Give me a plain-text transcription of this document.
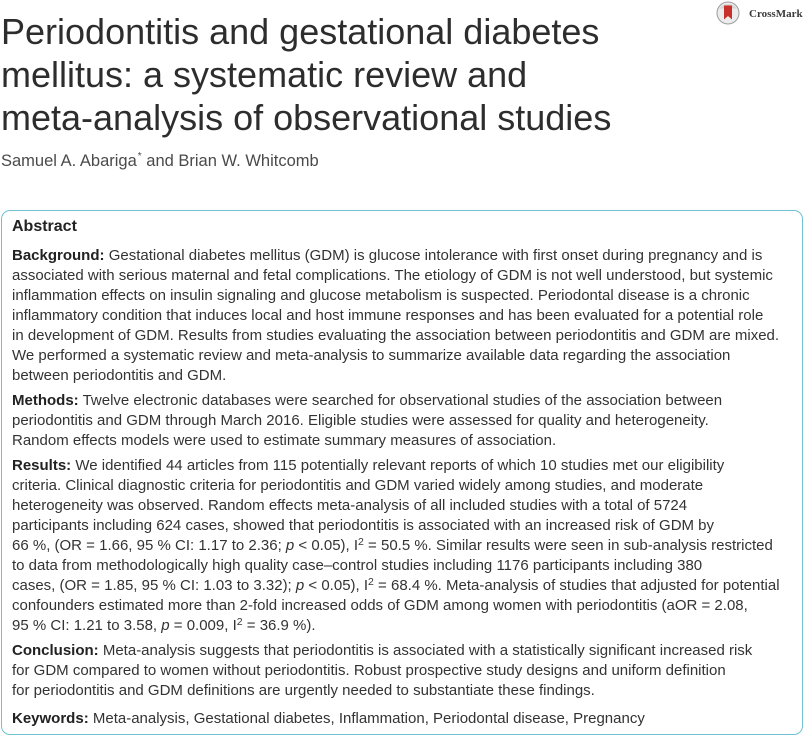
CrossMark
Periodontitis and gestational diabetes
mellitus: a systematic review and
meta-analysis of observational studies
Samuel A. Abariga* and Brian W. Whitcomb
Abstract
Background: Gestational diabetes mellitus (GDM) is glucose intolerance with first onset during pregnancy and is
associated with serious maternal and fetal complications. The etiology of GDM is not well understood, but systemic
inflammation effects on insulin signaling and glucose metabolism is suspected. Periodontal disease is a chronic
inflammatory condition that induces local and host immune responses and has been evaluated for a potential role
in development of GDM. Results from studies evaluating the association between periodontitis and GDM are mixed.
We performed a systematic review and meta-analysis to summarize available data regarding the association
between periodontitis and GDM.
Methods: Twelve electronic databases were searched for observational studies of the association between
periodontitis and GDM through March 2016. Eligible studies were assessed for quality and heterogeneity.
Random effects models were used to estimate summary measures of association.
Results: We identified 44 articles from 115 potentially relevant reports of which 10 studies met our eligibility
criteria. Clinical diagnostic criteria for periodontitis and GDM varied widely among studies, and moderate
heterogeneity was observed. Random effects meta-analysis of all included studies with a total of 5724
participants including 624 cases, showed that periodontitis is associated with an increased risk of GDM by
66 %, (OR = 1.66, 95 % CI: 1.17 to 2.36; p < 0.05), $I^2 = 50.5$ %. Similar results were seen in sub-analysis restricted
to data from methodologically high quality case–control studies including 1176 participants including 380
cases, (OR = 1.85, 95 % CI: 1.03 to 3.32); p < 0.05), $I^2 = 68.4$ %. Meta-analysis of studies that adjusted for potential
confounders estimated more than 2-fold increased odds of GDM among women with periodontitis (aOR = 2.08,
95 % CI: 1.21 to 3.58, p = 0.009, $I^2 = 36.9$ %).
Conclusion: Meta-analysis suggests that periodontitis is associated with a statistically significant increased risk
for GDM compared to women without periodontitis. Robust prospective study designs and uniform definition
for periodontitis and GDM definitions are urgently needed to substantiate these findings.
Keywords: Meta-analysis, Gestational diabetes, Inflammation, Periodontal disease, Pregnancy
